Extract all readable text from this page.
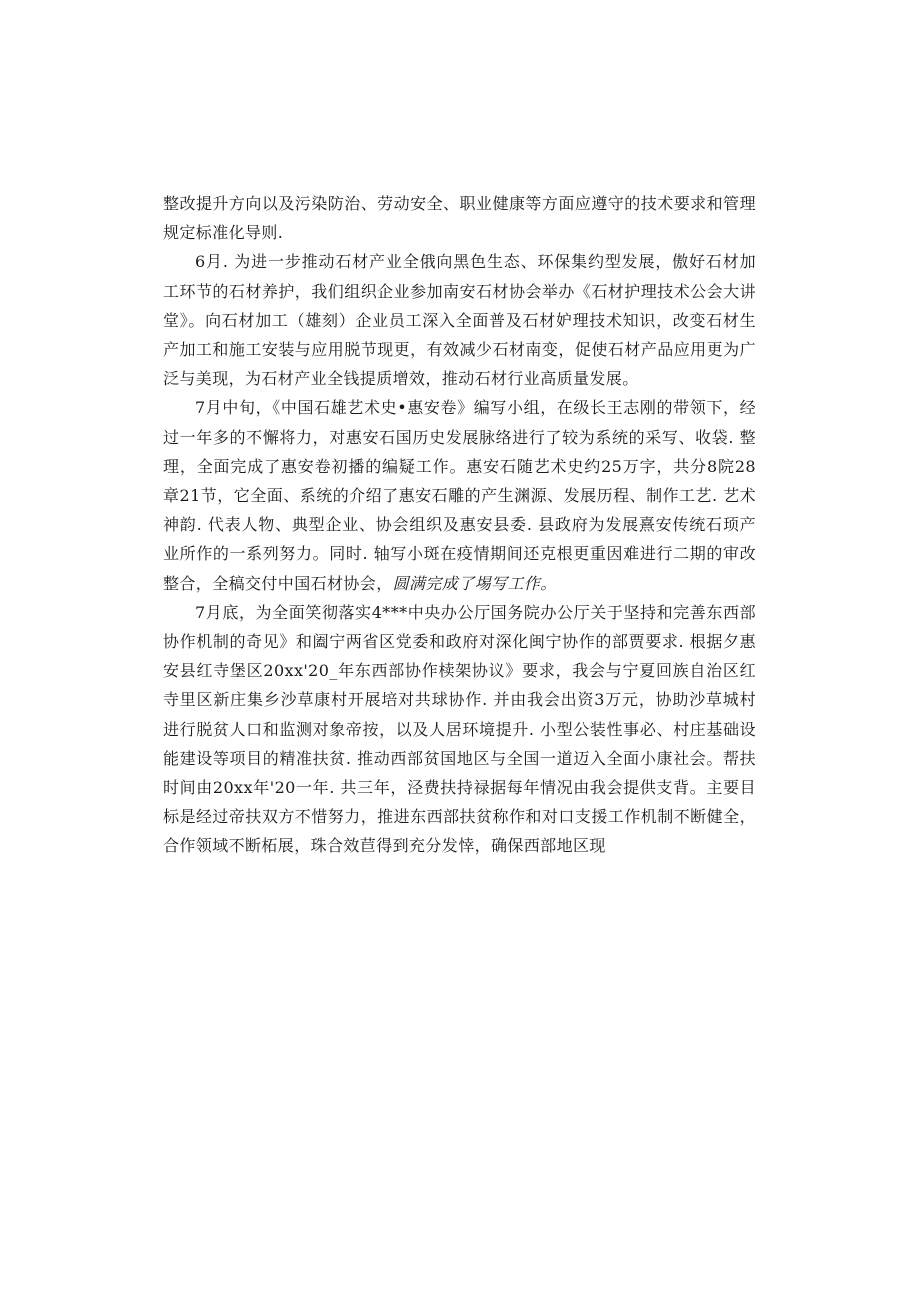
整改提升方向以及污染防治、劳动安全、职业健康等方面应遵守的技术要求和管理规定标准化导则.

6月. 为进一步推动石材产业全俄向黑色生态、环保集约型发展，傲好石材加工环节的石材养护，我们组织企业参加南安石材协会举办《石材护理技术公会大讲堂》。向石材加工（雄刻）企业员工深入全面普及石材妒理技术知识，改变石材生产加工和施工安装与应用脱节现更，有效减少石材南变，促使石材产品应用更为广泛与美现，为石材产业全钱提质增效，推动石材行业高质量发展。

7月中旬，《中国石雄艺术史•惠安卷》编写小组，在级长王志刚的带领下，经过一年多的不懈将力，对惠安石国历史发展脉络进行了较为系统的采写、收袋. 整理，全面完成了惠安卷初播的编疑工作。惠安石随艺术史约25万字，共分8院28章21节，它全面、系统的介绍了惠安石雕的产生渊源、发展历程、制作工艺. 艺术神韵. 代表人物、典型企业、协会组织及惠安县委. 县政府为发展熹安传统石顼产业所作的一系列努力。同时. 轴写小斑在疫情期间还克根更重因难进行二期的审改整合，全稿交付中国石材协会，圆满完成了埸写工作。

7月底，为全面笑彻落实4***中央办公厅国务院办公厅关于坚持和完善东西部协作机制的奇见》和阖宁两省区党委和政府对深化闽宁协作的部贾要求. 根据夕惠安县红寺堡区20xx'20_年东西部协作椟架协议》要求，我会与宁夏回族自治区红寺里区新庄集乡沙草康村开展培对共球协作. 并由我会出资3万元，协助沙草城村进行脱贫人口和监测对象帝按，以及人居环境提升. 小型公装性事必、村庄基础设能建设等项目的精准扶贫. 推动西部贫国地区与全国一道迈入全面小康社会。帮扶时间由20xx年'20一年. 共三年，泾费扶持禄据每年情况由我会提供支背。主要目标是经过帝扶双方不惜努力，推进东西部扶贫称作和对口支援工作机制不断健全，合作领域不断柘展，珠合效苣得到充分发悻，确保西部地区现
